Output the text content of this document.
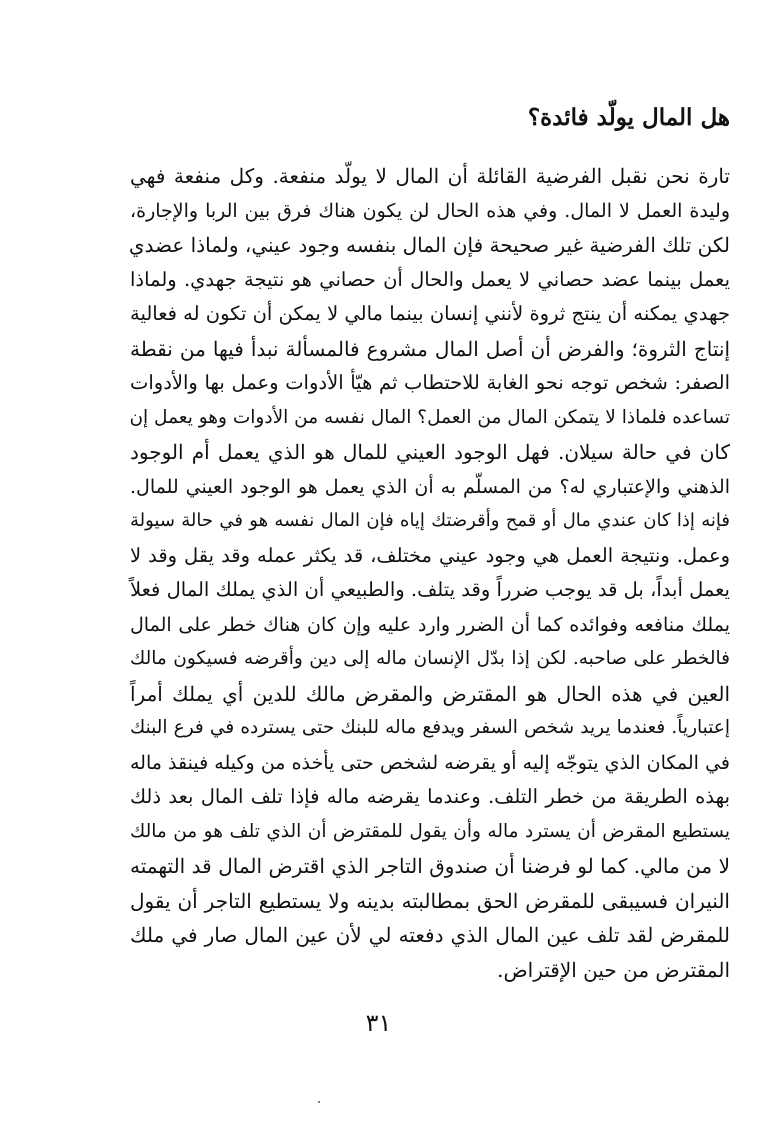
هل المال يولّد فائدة؟
تارة نحن نقبل الفرضية القائلة أن المال لا يولّد منفعة. وكل منفعة فهي
وليدة العمل لا المال. وفي هذه الحال لن يكون هناك فرق بين الربا والإجارة،
لكن تلك الفرضية غير صحيحة فإن المال بنفسه وجود عيني، ولماذا عضدي
يعمل بينما عضد حصاني لا يعمل والحال أن حصاني هو نتيجة جهدي. ولماذا
جهدي يمكنه أن ينتج ثروة لأنني إنسان بينما مالي لا يمكن أن تكون له فعالية
إنتاج الثروة؛ والفرض أن أصل المال مشروع فالمسألة نبدأ فيها من نقطة
الصفر: شخص توجه نحو الغابة للاحتطاب ثم هيّأ الأدوات وعمل بها والأدوات
تساعده فلماذا لا يتمكن المال من العمل؟ المال نفسه من الأدوات وهو يعمل إن
كان في حالة سيلان. فهل الوجود العيني للمال هو الذي يعمل أم الوجود
الذهني والإعتباري له؟ من المسلّم به أن الذي يعمل هو الوجود العيني للمال.
فإنه إذا كان عندي مال أو قمح وأقرضتك إياه فإن المال نفسه هو في حالة سيولة
وعمل. ونتيجة العمل هي وجود عيني مختلف، قد يكثر عمله وقد يقل وقد لا
يعمل أبداً، بل قد يوجب ضرراً وقد يتلف. والطبيعي أن الذي يملك المال فعلاً
يملك منافعه وفوائده كما أن الضرر وارد عليه وإن كان هناك خطر على المال
فالخطر على صاحبه. لكن إذا بدّل الإنسان ماله إلى دين وأقرضه فسيكون مالك
العين في هذه الحال هو المقترض والمقرض مالك للدين أي يملك أمراً
إعتبارياً. فعندما يريد شخص السفر ويدفع ماله للبنك حتى يسترده في فرع البنك
في المكان الذي يتوجّه إليه أو يقرضه لشخص حتى يأخذه من وكيله فينقذ ماله
بهذه الطريقة من خطر التلف. وعندما يقرضه ماله فإذا تلف المال بعد ذلك
يستطيع المقرض أن يسترد ماله وأن يقول للمقترض أن الذي تلف هو من مالك
لا من مالي. كما لو فرضنا أن صندوق التاجر الذي اقترض المال قد التهمته
النيران فسيبقى للمقرض الحق بمطالبته بدينه ولا يستطيع التاجر أن يقول
للمقرض لقد تلف عين المال الذي دفعته لي لأن عين المال صار في ملك
المقترض من حين الإقتراض.
٣١
